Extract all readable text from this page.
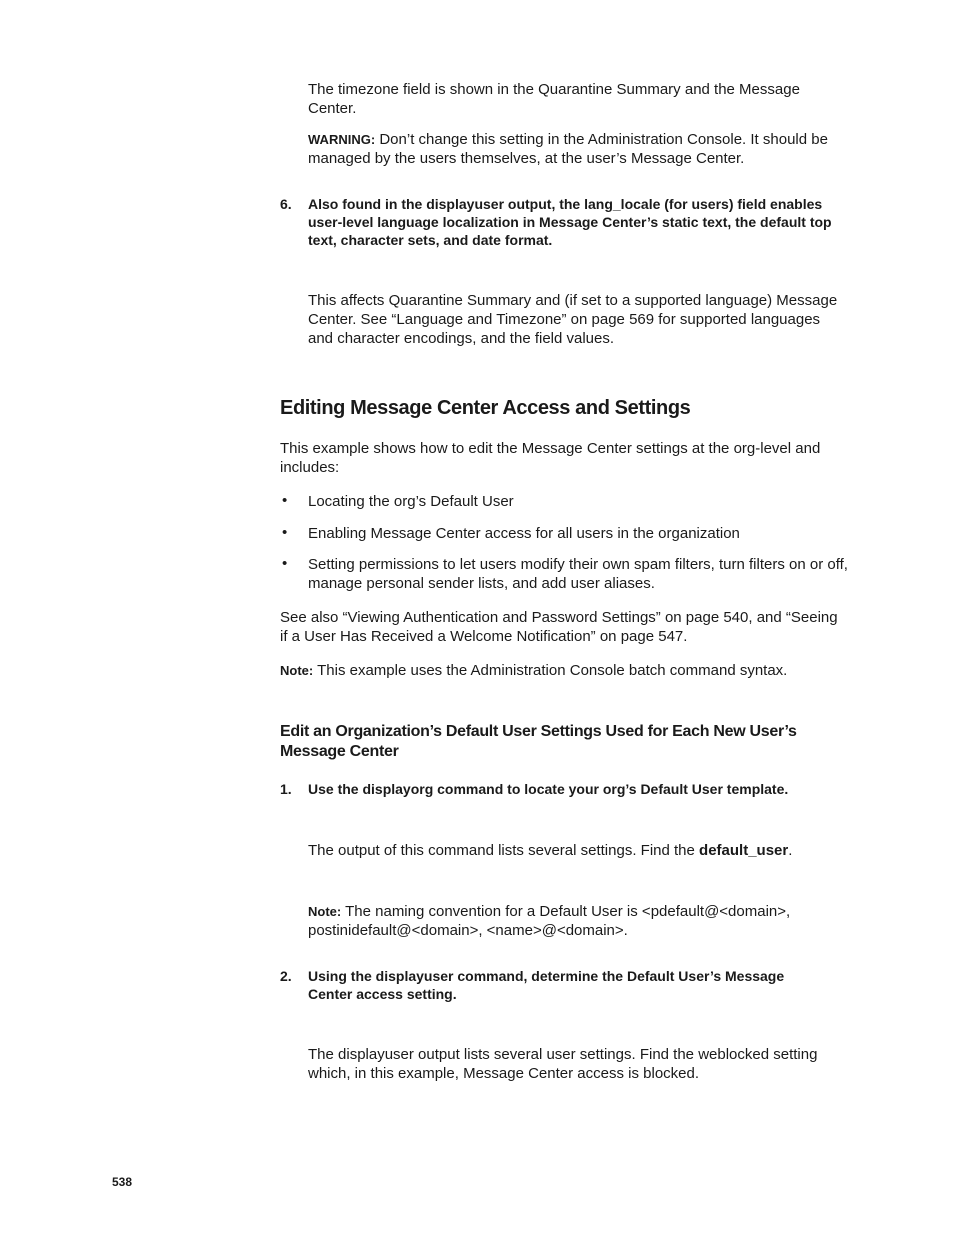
The timezone field is shown in the Quarantine Summary and the Message Center.

WARNING: Don’t change this setting in the Administration Console. It should be managed by the users themselves, at the user’s Message Center.

6. Also found in the displayuser output, the lang_locale (for users) field enables user-level language localization in Message Center’s static text, the default top text, character sets, and date format.

This affects Quarantine Summary and (if set to a supported language) Message Center. See “Language and Timezone” on page 569 for supported languages and character encodings, and the field values.

Editing Message Center Access and Settings

This example shows how to edit the Message Center settings at the org-level and includes:

• Locating the org’s Default User

• Enabling Message Center access for all users in the organization

• Setting permissions to let users modify their own spam filters, turn filters on or off, manage personal sender lists, and add user aliases.

See also “Viewing Authentication and Password Settings” on page 540, and “Seeing if a User Has Received a Welcome Notification” on page 547.

Note: This example uses the Administration Console batch command syntax.

Edit an Organization’s Default User Settings Used for Each New User’s Message Center
1. Use the displayorg command to locate your org’s Default User template.

The output of this command lists several settings. Find the default_user.

Note: The naming convention for a Default User is <pdefault@<domain>, postinidefault@<domain>, <name>@<domain>.

2. Using the displayuser command, determine the Default User’s Message Center access setting.

The displayuser output lists several user settings. Find the weblocked setting which, in this example, Message Center access is blocked.

538
